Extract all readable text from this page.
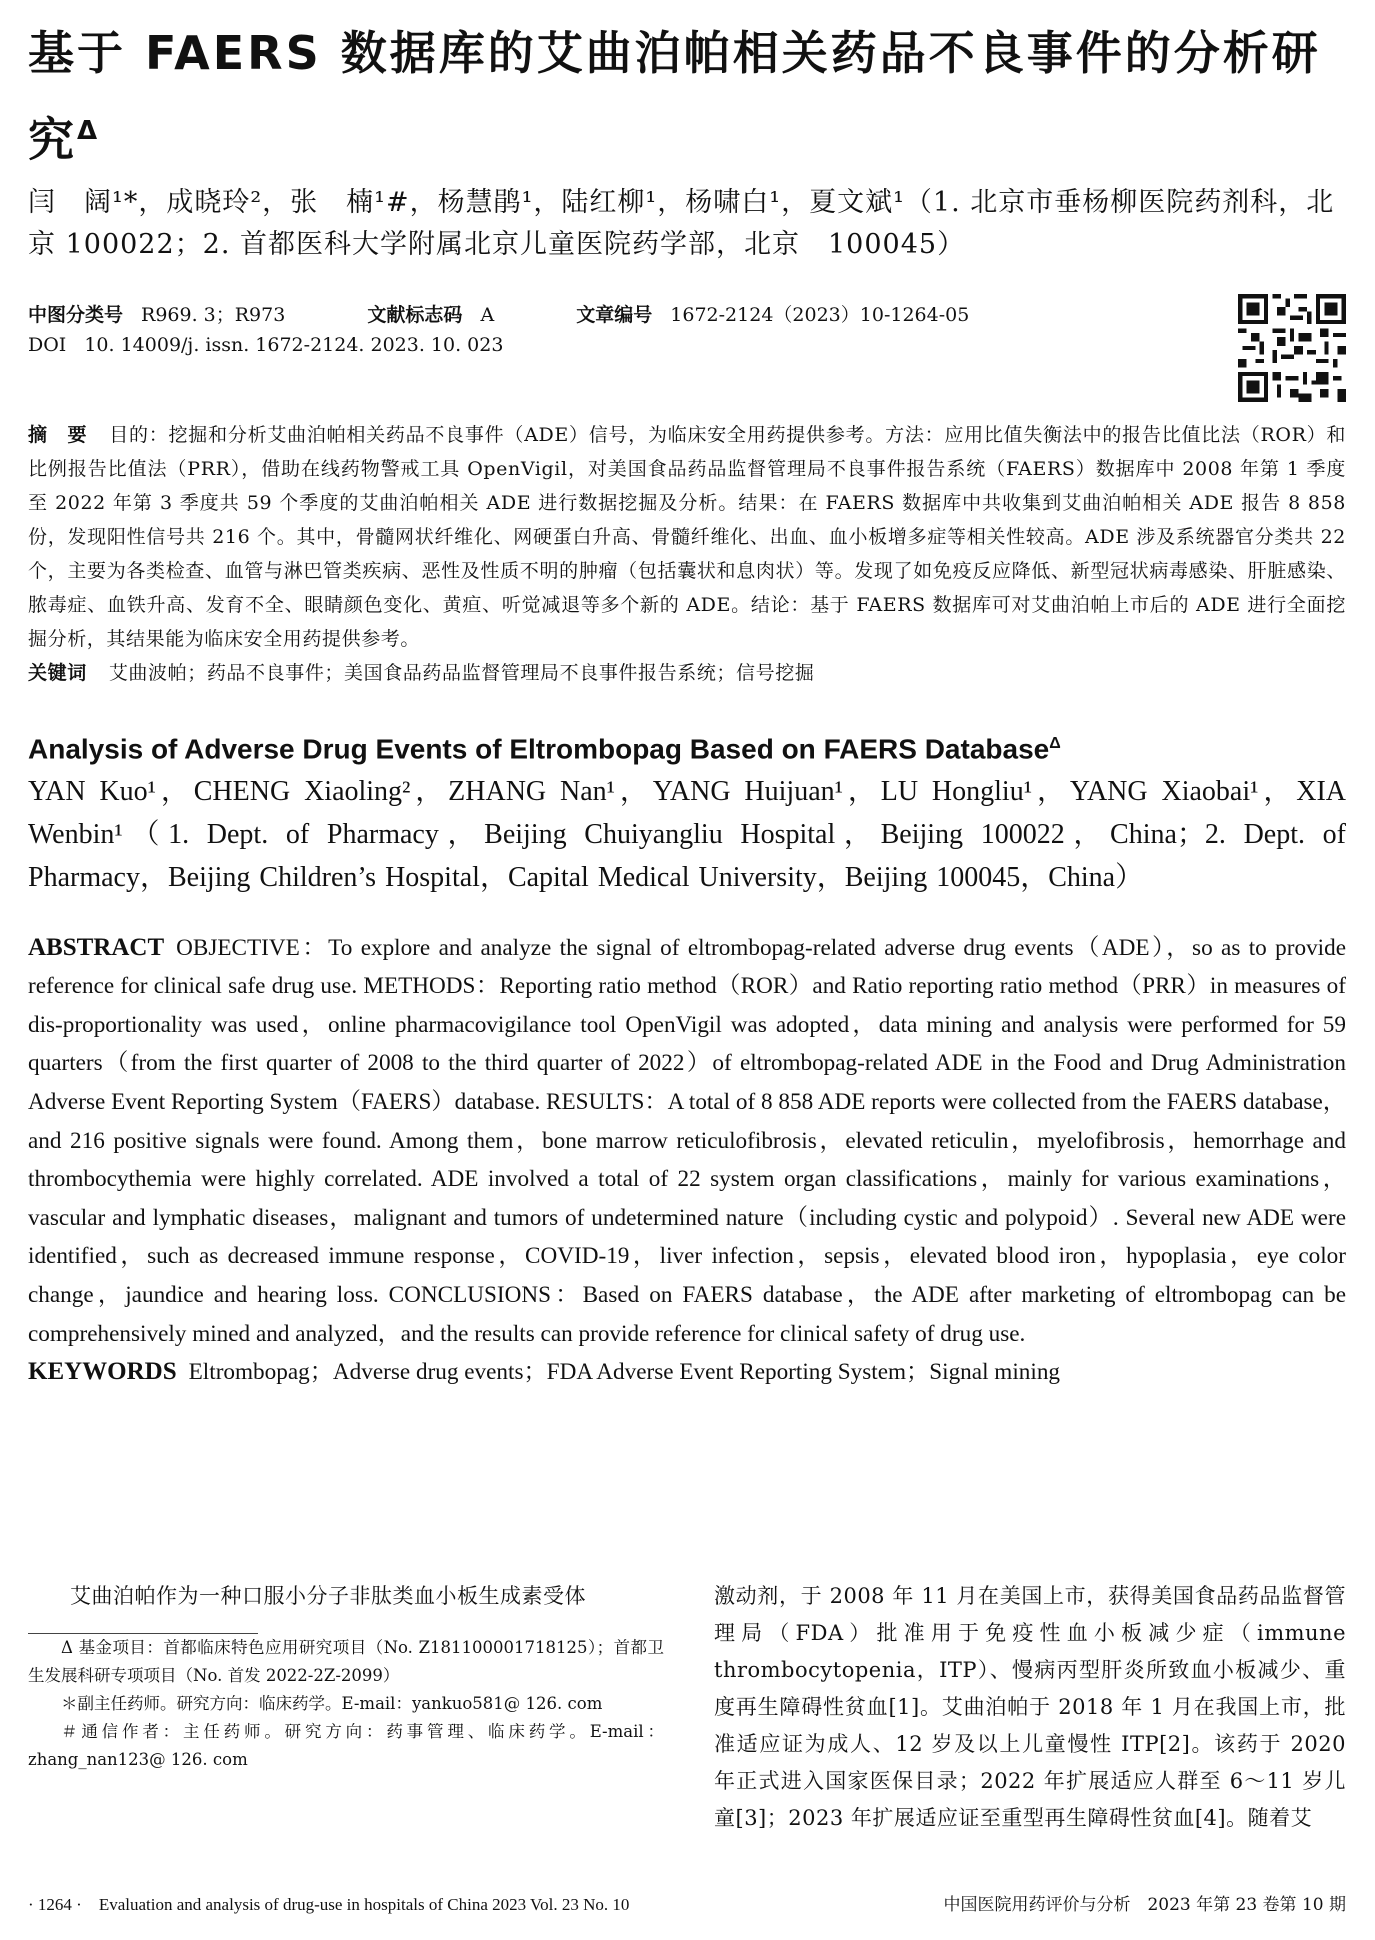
基于 FAERS 数据库的艾曲泊帕相关药品不良事件的分析研究$^\Delta$
闫　阔¹*，成晓玲²，张　楠¹#，杨慧鹃¹，陆红柳¹，杨啸白¹，夏文斌¹（1. 北京市垂杨柳医院药剂科，北京 100022；2. 首都医科大学附属北京儿童医院药学部，北京　100045）
中图分类号 R969. 3；R973	文献标志码 A	文章编号 1672-2124（2023）10-1264-05
DOI 10. 14009/j. issn. 1672-2124. 2023. 10. 023
摘　要 目的：挖掘和分析艾曲泊帕相关药品不良事件（ADE）信号，为临床安全用药提供参考。方法：应用比值失衡法中的报告比值比法（ROR）和比例报告比值法（PRR），借助在线药物警戒工具 OpenVigil，对美国食品药品监督管理局不良事件报告系统（FAERS）数据库中 2008 年第 1 季度至 2022 年第 3 季度共 59 个季度的艾曲泊帕相关 ADE 进行数据挖掘及分析。结果：在 FAERS 数据库中共收集到艾曲泊帕相关 ADE 报告 8 858 份，发现阳性信号共 216 个。其中，骨髓网状纤维化、网硬蛋白升高、骨髓纤维化、出血、血小板增多症等相关性较高。ADE 涉及系统器官分类共 22 个，主要为各类检查、血管与淋巴管类疾病、恶性及性质不明的肿瘤（包括囊状和息肉状）等。发现了如免疫反应降低、新型冠状病毒感染、肝脏感染、脓毒症、血铁升高、发育不全、眼睛颜色变化、黄疸、听觉减退等多个新的 ADE。结论：基于 FAERS 数据库可对艾曲泊帕上市后的 ADE 进行全面挖掘分析，其结果能为临床安全用药提供参考。
关键词 艾曲波帕；药品不良事件；美国食品药品监督管理局不良事件报告系统；信号挖掘
Analysis of Adverse Drug Events of Eltrombopag Based on FAERS Database$^\Delta$
YAN Kuo¹，CHENG Xiaoling²，ZHANG Nan¹，YANG Huijuan¹，LU Hongliu¹，YANG Xiaobai¹，XIA Wenbin¹（1. Dept. of Pharmacy，Beijing Chuiyangliu Hospital，Beijing 100022，China；2. Dept. of Pharmacy，Beijing Children’s Hospital，Capital Medical University，Beijing 100045，China）
ABSTRACT OBJECTIVE：To explore and analyze the signal of eltrombopag-related adverse drug events（ADE），so as to provide reference for clinical safe drug use. METHODS：Reporting ratio method（ROR）and Ratio reporting ratio method（PRR）in measures of dis-proportionality was used，online pharmacovigilance tool OpenVigil was adopted，data mining and analysis were performed for 59 quarters（from the first quarter of 2008 to the third quarter of 2022）of eltrombopag-related ADE in the Food and Drug Administration Adverse Event Reporting System（FAERS）database. RESULTS：A total of 8 858 ADE reports were collected from the FAERS database，and 216 positive signals were found. Among them，bone marrow reticulofibrosis，elevated reticulin，myelofibrosis，hemorrhage and thrombocythemia were highly correlated. ADE involved a total of 22 system organ classifications，mainly for various examinations，vascular and lymphatic diseases，malignant and tumors of undetermined nature（including cystic and polypoid）. Several new ADE were identified，such as decreased immune response，COVID-19，liver infection，sepsis，elevated blood iron，hypoplasia，eye color change，jaundice and hearing loss. CONCLUSIONS：Based on FAERS database，the ADE after marketing of eltrombopag can be comprehensively mined and analyzed，and the results can provide reference for clinical safety of drug use.
KEYWORDS Eltrombopag；Adverse drug events；FDA Adverse Event Reporting System；Signal mining
艾曲泊帕作为一种口服小分子非肽类血小板生成素受体

Δ 基金项目：首都临床特色应用研究项目（No. Z181100001718125）；首都卫生发展科研专项项目（No. 首发 2022-2Z-2099）

＊副主任药师。研究方向：临床药学。E-mail：yankuo581@ 126. com

＃通信作者：主任药师。研究方向：药事管理、临床药学。E-mail：zhang_nan123@ 126. com

激动剂，于 2008 年 11 月在美国上市，获得美国食品药品监督管理局（FDA）批准用于免疫性血小板减少症（immune thrombocytopenia，ITP）、慢病丙型肝炎所致血小板减少、重度再生障碍性贫血[1]。艾曲泊帕于 2018 年 1 月在我国上市，批准适应证为成人、12 岁及以上儿童慢性 ITP[2]。该药于 2020 年正式进入国家医保目录；2022 年扩展适应人群至 6～11 岁儿童[3]；2023 年扩展适应证至重型再生障碍性贫血[4]。随着艾
· 1264 ·　Evaluation and analysis of drug-use in hospitals of China 2023 Vol. 23 No. 10	中国医院用药评价与分析　2023 年第 23 卷第 10 期
